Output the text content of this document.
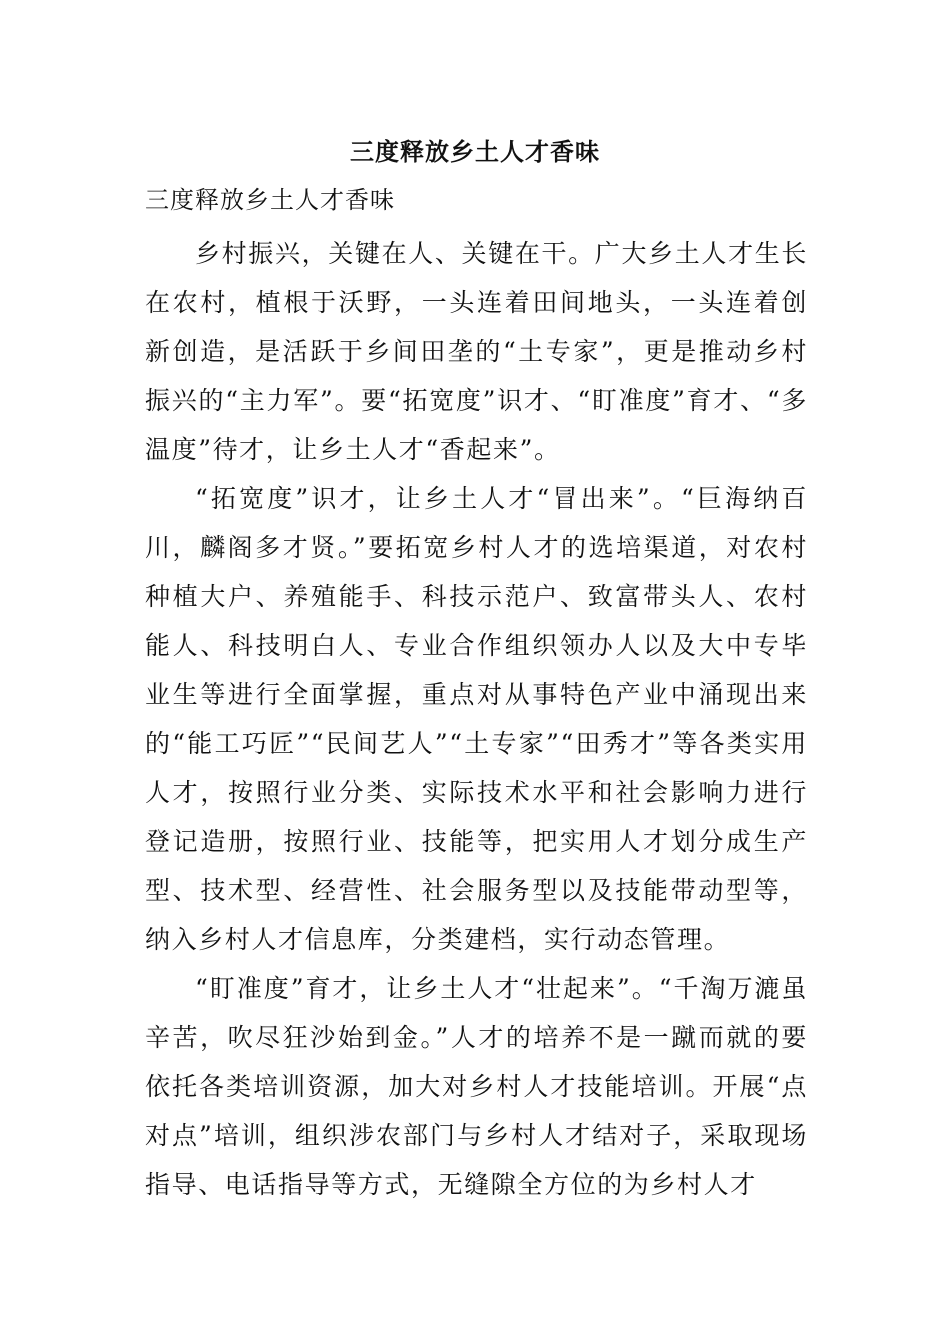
三度释放乡土人才香味
三度释放乡土人才香味

乡村振兴，关键在人、关键在干。广大乡土人才生长在农村，植根于沃野，一头连着田间地头，一头连着创新创造，是活跃于乡间田垄的“土专家”，更是推动乡村振兴的“主力军”。要“拓宽度”识才、“盯准度”育才、“多温度”待才，让乡土人才“香起来”。

“拓宽度”识才，让乡土人才“冒出来”。“巨海纳百川，麟阁多才贤。”要拓宽乡村人才的选培渠道，对农村种植大户、养殖能手、科技示范户、致富带头人、农村能人、科技明白人、专业合作组织领办人以及大中专毕业生等进行全面掌握，重点对从事特色产业中涌现出来的“能工巧匠”“民间艺人”“土专家”“田秀才”等各类实用人才，按照行业分类、实际技术水平和社会影响力进行登记造册，按照行业、技能等，把实用人才划分成生产型、技术型、经营性、社会服务型以及技能带动型等，纳入乡村人才信息库，分类建档，实行动态管理。

“盯准度”育才，让乡土人才“壮起来”。“千淘万漉虽辛苦，吹尽狂沙始到金。”人才的培养不是一蹴而就的要依托各类培训资源，加大对乡村人才技能培训。开展“点对点”培训，组织涉农部门与乡村人才结对子，采取现场指导、电话指导等方式，无缝隙全方位的为乡村人才
